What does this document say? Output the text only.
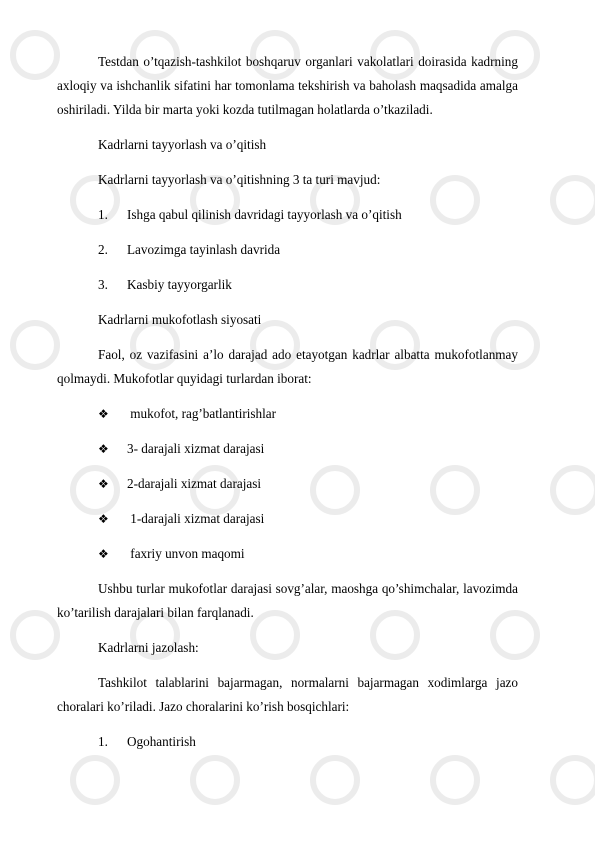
Testdan o’tqazish-tashkilot boshqaruv organlari vakolatlari doirasida kadrning axloqiy va ishchanlik sifatini har tomonlama tekshirish va baholash maqsadida amalga oshiriladi. Yilda bir marta yoki kozda tutilmagan holatlarda o’tkaziladi.

Kadrlarni tayyorlash va o’qitish

Kadrlarni tayyorlash va o’qitishning 3 ta turi mavjud:

1. Ishga qabul qilinish davridagi tayyorlash va o’qitish
2. Lavozimga tayinlash davrida
3. Kasbiy tayyorgarlik

Kadrlarni mukofotlash siyosati

Faol, oz vazifasini a’lo darajad ado etayotgan kadrlar albatta mukofotlanmay qolmaydi. Mukofotlar quyidagi turlardan iborat:

❖ mukofot, rag’batlantirishlar
❖ 3- darajali xizmat darajasi
❖ 2-darajali xizmat darajasi
❖ 1-darajali xizmat darajasi
❖ faxriy unvon maqomi

Ushbu turlar mukofotlar darajasi sovg’alar, maoshga qo’shimchalar, lavozimda ko’tarilish darajalari bilan farqlanadi.

Kadrlarni jazolash:

Tashkilot talablarini bajarmagan, normalarni bajarmagan xodimlarga jazo choralari ko’riladi. Jazo choralarini ko’rish bosqichlari:

1. Ogohantirish
